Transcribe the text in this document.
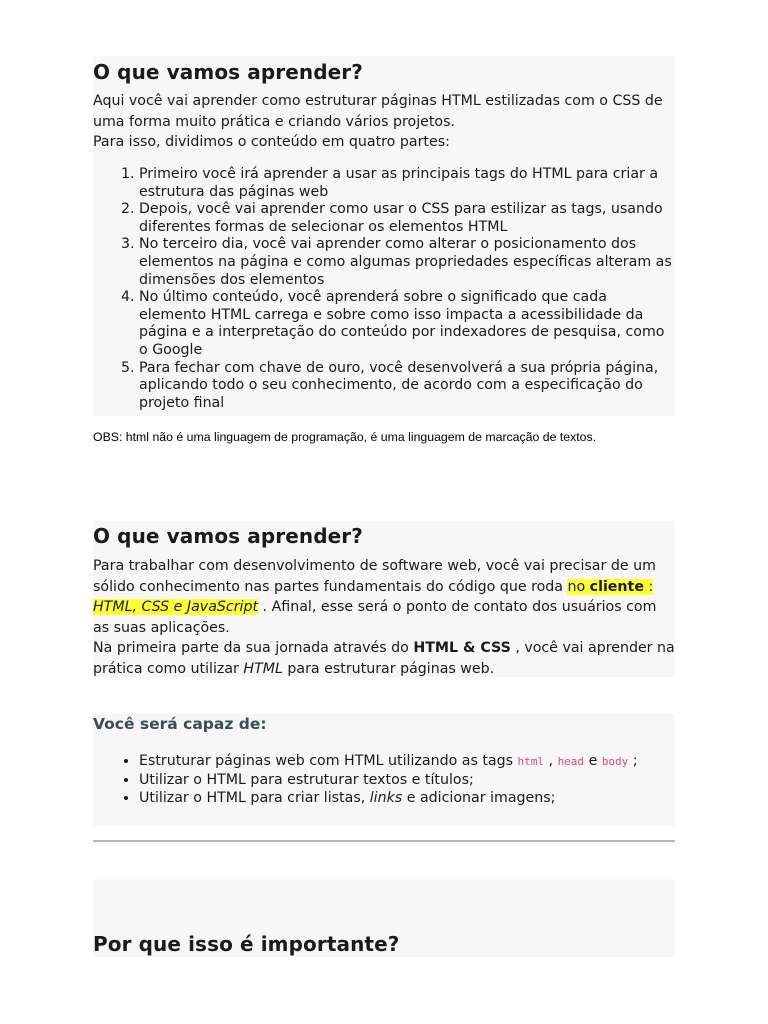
O que vamos aprender?

Aqui você vai aprender como estruturar páginas HTML estilizadas com o CSS de uma forma muito prática e criando vários projetos.

Para isso, dividimos o conteúdo em quatro partes:

1. Primeiro você irá aprender a usar as principais tags do HTML para criar a estrutura das páginas web
2. Depois, você vai aprender como usar o CSS para estilizar as tags, usando diferentes formas de selecionar os elementos HTML
3. No terceiro dia, você vai aprender como alterar o posicionamento dos elementos na página e como algumas propriedades específicas alteram as dimensões dos elementos
4. No último conteúdo, você aprenderá sobre o significado que cada elemento HTML carrega e sobre como isso impacta a acessibilidade da página e a interpretação do conteúdo por indexadores de pesquisa, como o Google
5. Para fechar com chave de ouro, você desenvolverá a sua própria página, aplicando todo o seu conhecimento, de acordo com a especificação do projeto final
OBS: html não é uma linguagem de programação, é uma linguagem de marcação de textos.
O que vamos aprender?

Para trabalhar com desenvolvimento de software web, você vai precisar de um sólido conhecimento nas partes fundamentais do código que roda no cliente : HTML, CSS e JavaScript . Afinal, esse será o ponto de contato dos usuários com as suas aplicações.

Na primeira parte da sua jornada através do HTML & CSS , você vai aprender na prática como utilizar HTML para estruturar páginas web.

Você será capaz de:
• Estruturar páginas web com HTML utilizando as tags html , head e body ;
• Utilizar o HTML para estruturar textos e títulos;
• Utilizar o HTML para criar listas, links e adicionar imagens;
Por que isso é importante?
